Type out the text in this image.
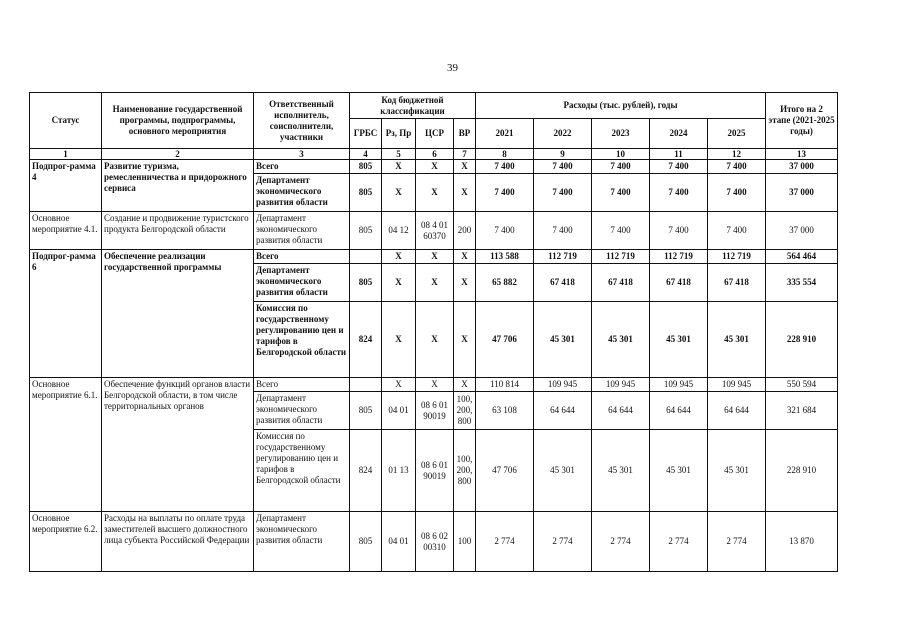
39
Статус	Наименование государственной программы, подпрограммы, основного мероприятия	Ответственный исполнитель, соисполнители, участники	Код бюджетной классификации				Расходы (тыс. рублей), годы					Итого на 2 этапе (2021-2025 годы)
			ГРБС	Рз, Пр	ЦСР	ВР	2021	2022	2023	2024	2025	
1	2	3	4	5	6	7	8	9	10	11	12	13
Подпрог-рамма 4	Развитие туризма, ремесленничества и придорожного сервиса	Всего	805	Х	Х	Х	7 400	7 400	7 400	7 400	7 400	37 000
		Департамент экономического развития области	805	Х	Х	Х	7 400	7 400	7 400	7 400	7 400	37 000
Основное мероприятие 4.1.	Создание и продвижение туристского продукта Белгородской области	Департамент экономического развития области	805	04 12	08 4 01 60370	200	7 400	7 400	7 400	7 400	7 400	37 000
Подпрог-рамма 6	Обеспечение реализации государственной программы	Всего		Х	Х	Х	113 588	112 719	112 719	112 719	112 719	564 464
		Департамент экономического развития области	805	Х	Х	Х	65 882	67 418	67 418	67 418	67 418	335 554
		Комиссия по государственному регулированию цен и тарифов в Белгородской области	824	Х	Х	Х	47 706	45 301	45 301	45 301	45 301	228 910
Основное мероприятие 6.1.	Обеспечение функций органов власти Белгородской области, в том числе территориальных органов	Всего		Х	Х	Х	110 814	109 945	109 945	109 945	109 945	550 594
		Департамент экономического развития области	805	04 01	08 6 01 90019	100, 200, 800	63 108	64 644	64 644	64 644	64 644	321 684
		Комиссия по государственному регулированию цен и тарифов в Белгородской области	824	01 13	08 6 01 90019	100, 200, 800	47 706	45 301	45 301	45 301	45 301	228 910
Основное мероприятие 6.2.	Расходы на выплаты по оплате труда заместителей высшего должностного лица субъекта Российской Федерации	Департамент экономического развития области	805	04 01	08 6 02 00310	100	2 774	2 774	2 774	2 774	2 774	13 870
